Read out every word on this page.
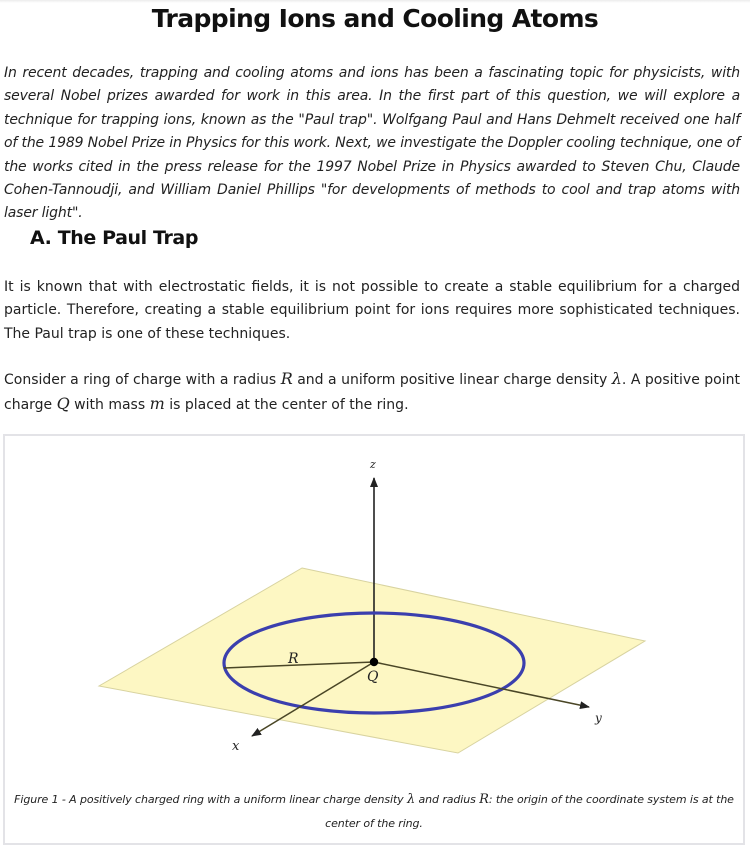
Trapping Ions and Cooling Atoms

In recent decades, trapping and cooling atoms and ions has been a fascinating topic for physicists, with several Nobel prizes awarded for work in this area. In the first part of this question, we will explore a technique for trapping ions, known as the "Paul trap". Wolfgang Paul and Hans Dehmelt received one half of the 1989 Nobel Prize in Physics for this work. Next, we investigate the Doppler cooling technique, one of the works cited in the press release for the 1997 Nobel Prize in Physics awarded to Steven Chu, Claude Cohen-Tannoudji, and William Daniel Phillips "for developments of methods to cool and trap atoms with laser light".

A. The Paul Trap

It is known that with electrostatic fields, it is not possible to create a stable equilibrium for a charged particle. Therefore, creating a stable equilibrium point for ions requires more sophisticated techniques. The Paul trap is one of these techniques.

Consider a ring of charge with a radius R and a uniform positive linear charge density λ. A positive point charge Q with mass m is placed at the center of the ring.

z
x
y
R
Q

Figure 1 - A positively charged ring with a uniform linear charge density λ and radius R: the origin of the coordinate system is at the center of the ring.
